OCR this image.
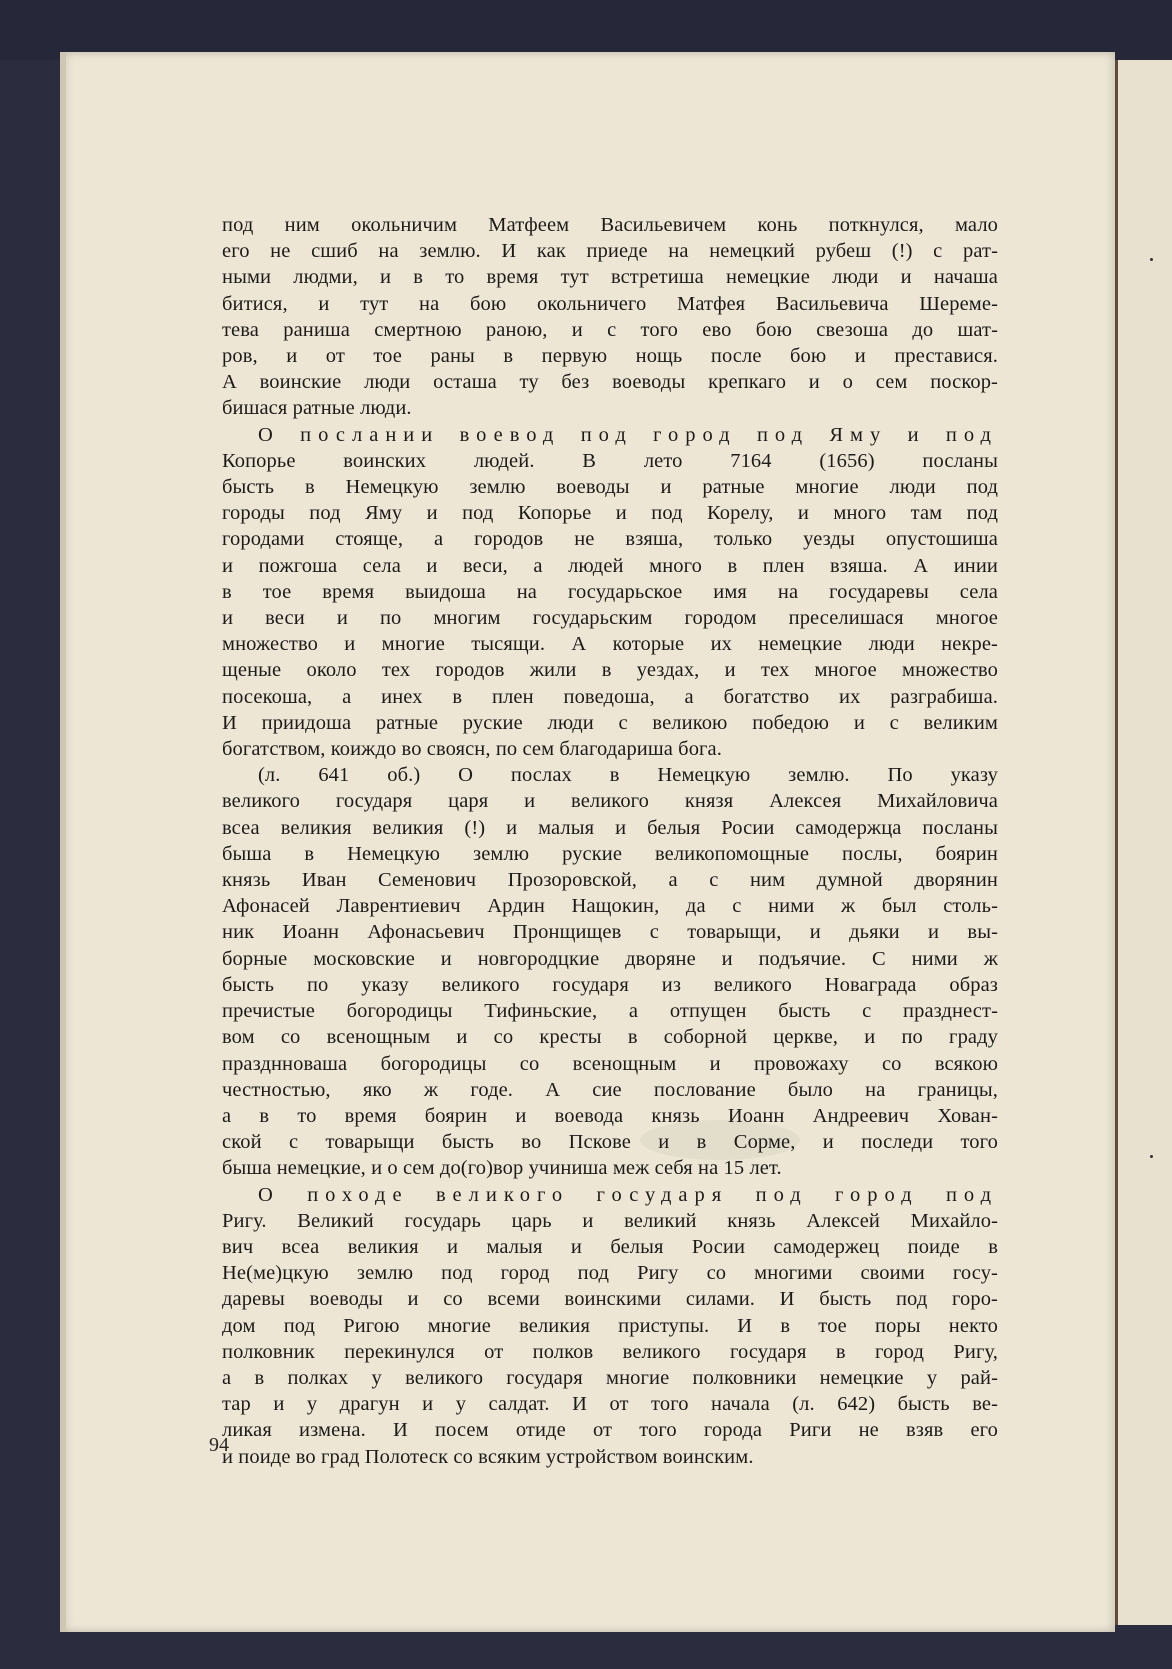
под ним окольничим Матфеем Васильевичем конь поткнулся, мало

его не сшиб на землю. И как приеде на немецкий рубеш (!) с рат-

ными людми, и в то время тут встретиша немецкие люди и начаша

битися, и тут на бою окольничего Матфея Васильевича Шереме-

тева раниша смертною раною, и с того ево бою свезоша до шат-

ров, и от тое раны в первую нощь после бою и преставися.

А воинские люди осташа ту без воеводы крепкаго и о сем поскор-

бишася ратные люди.

О послании воевод под город под Яму и под

Копорье воинских людей. В лето 7164 (1656) посланы

бысть в Немецкую землю воеводы и ратные многие люди под

городы под Яму и под Копорье и под Корелу, и много там под

городами стояще, а городов не взяша, только уезды опустошиша

и пожгоша села и веси, а людей много в плен взяша. А инии

в тое время выидоша на государьское имя на государевы села

и веси и по многим государьским городом преселишася многое

множество и многие тысящи. А которые их немецкие люди некре-

щеные около тех городов жили в уездах, и тех многое множество

посекоша, а инех в плен поведоша, а богатство их разграбиша.

И приидоша ратные руские люди с великою победою и с великим

богатством, коиждо во своясн, по сем благодариша бога.

(л. 641 об.) О послах в Немецкую землю. По указу

великого государя царя и великого князя Алексея Михайловича

всеа великия великия (!) и малыя и белыя Росии самодержца посланы

быша в Немецкую землю руские великопомощные послы, боярин

князь Иван Семенович Прозоровской, а с ним думной дворянин

Афонасей Лаврентиевич Ардин Нащокин, да с ними ж был столь-

ник Иоанн Афонасьевич Пронщищев с товарыщи, и дьяки и вы-

борные московские и новгородцкие дворяне и подъячие. С ними ж

бысть по указу великого государя из великого Новаграда образ

пречистые богородицы Тифиньские, а отпущен бысть с празднест-

вом со всенощным и со кресты в соборной церкве, и по граду

празднноваша богородицы со всенощным и провожаху со всякою

честностью, яко ж годе. А сие послование было на границы,

а в то время боярин и воевода князь Иоанн Андреевич Хован-

ской с товарыщи бысть во Пскове и в Сорме, и последи того

быша немецкие, и о сем до(го)вор учиниша меж себя на 15 лет.

О походе великого государя под город под

Ригу. Великий государь царь и великий князь Алексей Михайло-

вич всеа великия и малыя и белыя Росии самодержец поиде в

Не(ме)цкую землю под город под Ригу со многими своими госу-

даревы воеводы и со всеми воинскими силами. И бысть под горо-

дом под Ригою многие великия приступы. И в тое поры некто

полковник перекинулся от полков великого государя в город Ригу,

а в полках у великого государя многие полковники немецкие у рай-

тар и у драгун и у салдат. И от того начала (л. 642) бысть ве-

ликая измена. И посем отиде от того города Риги не взяв его

и поиде во град Полотеск со всяким устройством воинским.

94
